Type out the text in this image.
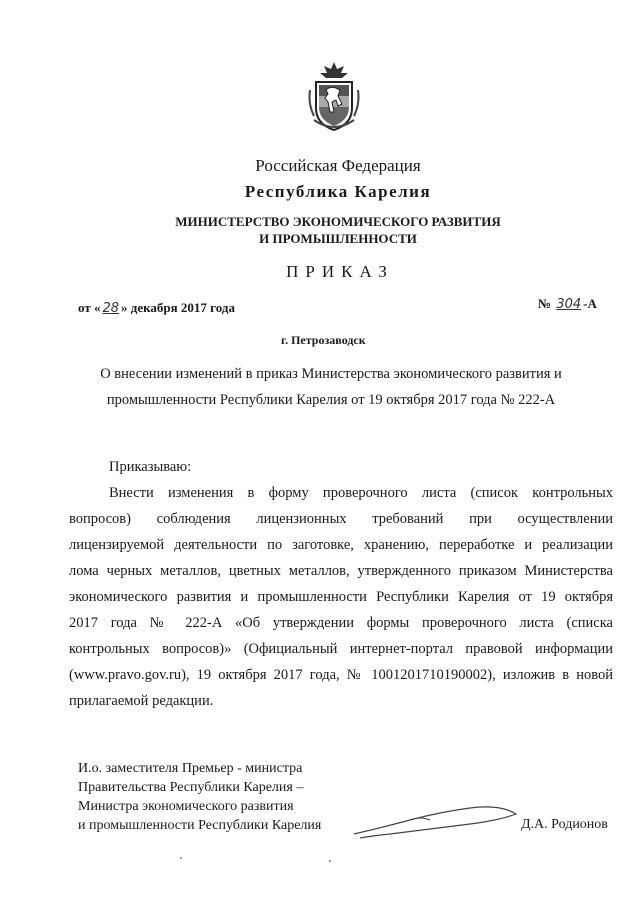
Российская Федерация
Республика Карелия
МИНИСТЕРСТВО ЭКОНОМИЧЕСКОГО РАЗВИТИЯ
И ПРОМЫШЛЕННОСТИ
ПРИКАЗ
от « 28 » декабря 2017 года	№ 304 -А
г. Петрозаводск
О внесении изменений в приказ Министерства экономического развития и
промышленности Республики Карелия от 19 октября 2017 года № 222-А
Приказываю:
Внести изменения в форму проверочного листа (список контрольных
вопросов) соблюдения лицензионных требований при осуществлении
лицензируемой деятельности по заготовке, хранению, переработке и реализации
лома черных металлов, цветных металлов, утвержденного приказом Министерства
экономического развития и промышленности Республики Карелия от 19 октября
2017 года № 222-А «Об утверждении формы проверочного листа (списка
контрольных вопросов)» (Официальный интернет-портал правовой информации
(www.pravo.gov.ru), 19 октября 2017 года, № 1001201710190002), изложив в новой
прилагаемой редакции.
И.о. заместителя Премьер - министра
Правительства Республики Карелия –
Министра экономического развития
и промышленности Республики Карелия	Д.А. Родионов
